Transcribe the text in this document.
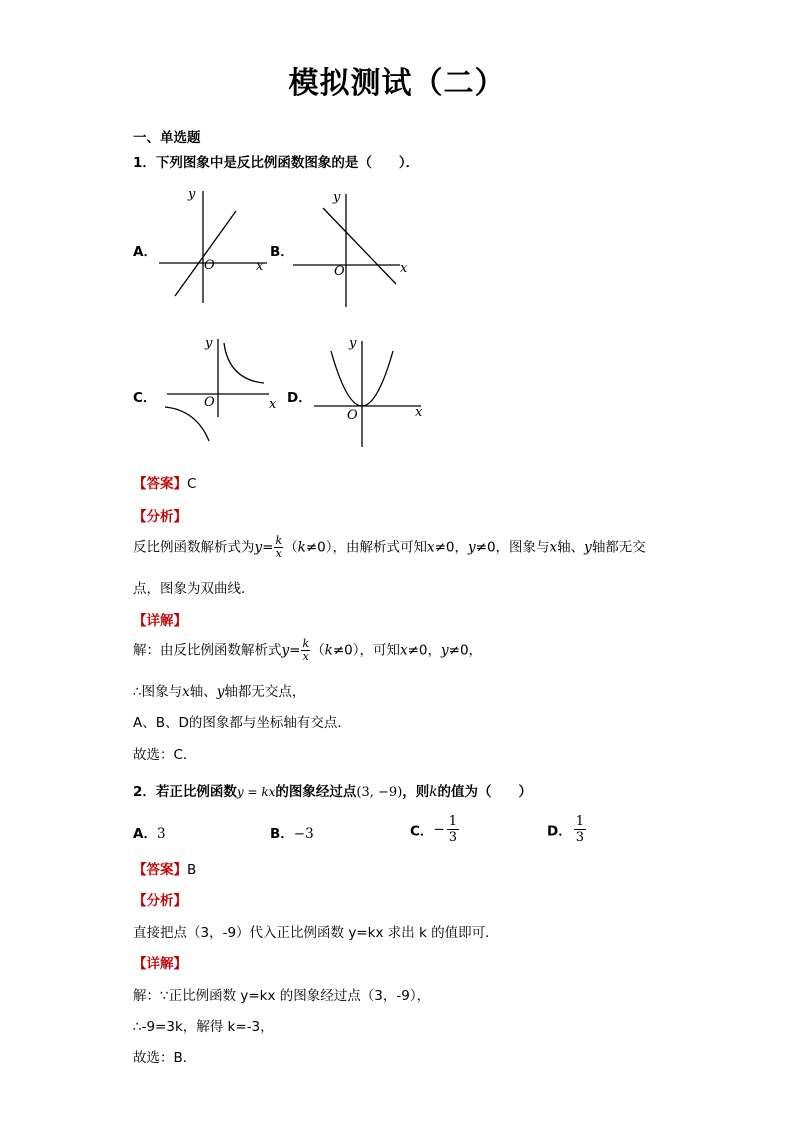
模拟测试（二）
一、单选题
1．下列图象中是反比例函数图象的是（　　）．
A．	B．
C．	D．
y
x
O
y
x
O
y
x
O
y
x
O
【答案】C
【分析】
反比例函数解析式为$y= \frac{k}{x} (k\ne 0)$，由解析式可知x≠0，y≠0，图象与x轴、y轴都无交
点，图象为双曲线．
【详解】
解：由反比例函数解析式$y= \frac{k}{x} (k\ne 0)$，可知x≠0，y≠0，
∴图象与x轴、y轴都无交点，
A、B、D的图象都与坐标轴有交点．
故选：C．
2．若正比例函数y = kx的图象经过点(3, −9)，则k的值为（　　）
A．3	B．−3	C．− $\frac{1}{3}$	D． $\frac{1}{3}$
【答案】B
【分析】
直接把点（3，-9）代入正比例函数 y=kx 求出 k 的值即可．
【详解】
解：∵正比例函数 y=kx 的图象经过点（3，-9），
∴-9=3k，解得 k=-3，
故选：B．
